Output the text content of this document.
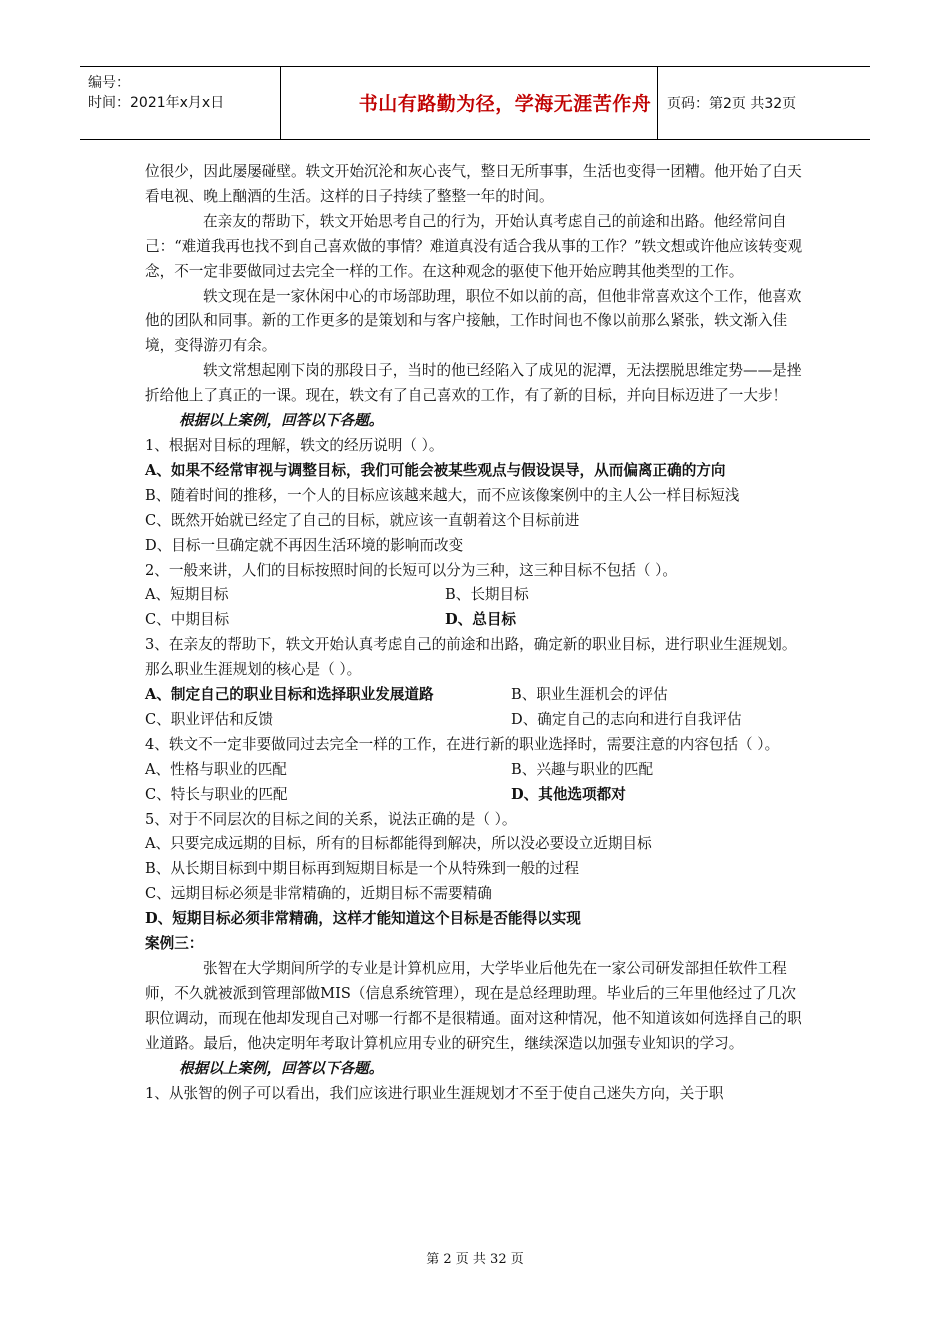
编号：
时间：2021年x月x日	书山有路勤为径，学海无涯苦作舟	页码：第2页 共32页

位很少，因此屡屡碰壁。轶文开始沉沦和灰心丧气，整日无所事事，生活也变得一团糟。他开始了白天看电视、晚上酗酒的生活。这样的日子持续了整整一年的时间。

在亲友的帮助下，轶文开始思考自己的行为，开始认真考虑自己的前途和出路。他经常问自己：“难道我再也找不到自己喜欢做的事情？难道真没有适合我从事的工作？”轶文想或许他应该转变观念，不一定非要做同过去完全一样的工作。在这种观念的驱使下他开始应聘其他类型的工作。

轶文现在是一家休闲中心的市场部助理，职位不如以前的高，但他非常喜欢这个工作，他喜欢他的团队和同事。新的工作更多的是策划和与客户接触，工作时间也不像以前那么紧张，轶文渐入佳境，变得游刃有余。

轶文常想起刚下岗的那段日子，当时的他已经陷入了成见的泥潭，无法摆脱思维定势——是挫折给他上了真正的一课。现在，轶文有了自己喜欢的工作，有了新的目标，并向目标迈进了一大步！

根据以上案例，回答以下各题。

1、根据对目标的理解，轶文的经历说明（ ）。

A、如果不经常审视与调整目标，我们可能会被某些观点与假设误导，从而偏离正确的方向

B、随着时间的推移，一个人的目标应该越来越大，而不应该像案例中的主人公一样目标短浅

C、既然开始就已经定了自己的目标，就应该一直朝着这个目标前进

D、目标一旦确定就不再因生活环境的影响而改变

2、一般来讲，人们的目标按照时间的长短可以分为三种，这三种目标不包括（ ）。

A、短期目标	B、长期目标
C、中期目标	D、总目标

3、在亲友的帮助下，轶文开始认真考虑自己的前途和出路，确定新的职业目标，进行职业生涯规划。那么职业生涯规划的核心是（ ）。

A、制定自己的职业目标和选择职业发展道路	B、职业生涯机会的评估
C、职业评估和反馈	D、确定自己的志向和进行自我评估

4、轶文不一定非要做同过去完全一样的工作，在进行新的职业选择时，需要注意的内容包括（ ）。

A、性格与职业的匹配	B、兴趣与职业的匹配
C、特长与职业的匹配	D、其他选项都对

5、对于不同层次的目标之间的关系，说法正确的是（ ）。

A、只要完成远期的目标，所有的目标都能得到解决，所以没必要设立近期目标

B、从长期目标到中期目标再到短期目标是一个从特殊到一般的过程

C、远期目标必须是非常精确的，近期目标不需要精确

D、短期目标必须非常精确，这样才能知道这个目标是否能得以实现

案例三：

张智在大学期间所学的专业是计算机应用，大学毕业后他先在一家公司研发部担任软件工程师，不久就被派到管理部做MIS（信息系统管理），现在是总经理助理。毕业后的三年里他经过了几次职位调动，而现在他却发现自己对哪一行都不是很精通。面对这种情况，他不知道该如何选择自己的职业道路。最后，他决定明年考取计算机应用专业的研究生，继续深造以加强专业知识的学习。

根据以上案例，回答以下各题。

1、从张智的例子可以看出，我们应该进行职业生涯规划才不至于使自己迷失方向，关于职

第 2 页 共 32 页
